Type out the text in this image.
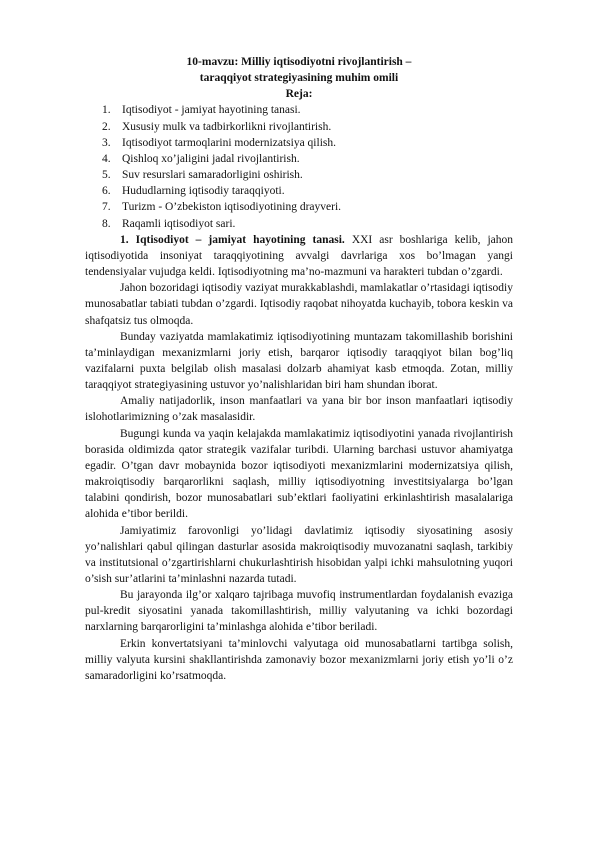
10-mavzu: Milliy iqtisodiyotni rivojlantirish –
taraqqiyot strategiyasining muhim omili
Reja:
1. Iqtisodiyot - jamiyat hayotining tanasi.
2. Xususiy mulk va tadbirkorlikni rivojlantirish.
3. Iqtisodiyot tarmoqlarini modernizatsiya qilish.
4. Qishloq xo’jaligini jadal rivojlantirish.
5. Suv resurslari samaradorligini oshirish.
6. Hududlarning iqtisodiy taraqqiyoti.
7. Turizm - O’zbekiston iqtisodiyotining drayveri.
8. Raqamli iqtisodiyot sari.

1. Iqtisodiyot – jamiyat hayotining tanasi. XXI asr boshlariga kelib, jahon iqtisodiyotida insoniyat taraqqiyotining avvalgi davrlariga xos bo’lmagan yangi tendensiyalar vujudga keldi. Iqtisodiyotning ma’no-mazmuni va harakteri tubdan o’zgardi.

Jahon bozoridagi iqtisodiy vaziyat murakkablashdi, mamlakatlar o’rtasidagi iqtisodiy munosabatlar tabiati tubdan o’zgardi. Iqtisodiy raqobat nihoyatda kuchayib, tobora keskin va shafqatsiz tus olmoqda.

Bunday vaziyatda mamlakatimiz iqtisodiyotining muntazam takomillashib borishini ta’minlaydigan mexanizmlarni joriy etish, barqaror iqtisodiy taraqqiyot bilan bog’liq vazifalarni puxta belgilab olish masalasi dolzarb ahamiyat kasb etmoqda. Zotan, milliy taraqqiyot strategiyasining ustuvor yo’nalishlaridan biri ham shundan iborat.

Amaliy natijadorlik, inson manfaatlari va yana bir bor inson manfaatlari iqtisodiy islohotlarimizning o’zak masalasidir.

Bugungi kunda va yaqin kelajakda mamlakatimiz iqtisodiyotini yanada rivojlantirish borasida oldimizda qator strategik vazifalar turibdi. Ularning barchasi ustuvor ahamiyatga egadir. O’tgan davr mobaynida bozor iqtisodiyoti mexanizmlarini modernizatsiya qilish, makroiqtisodiy barqarorlikni saqlash, milliy iqtisodiyotning investitsiyalarga bo’lgan talabini qondirish, bozor munosabatlari sub’ektlari faoliyatini erkinlashtirish masalalariga alohida e’tibor berildi.

Jamiyatimiz farovonligi yo’lidagi davlatimiz iqtisodiy siyosatining asosiy yo’nalishlari qabul qilingan dasturlar asosida makroiqtisodiy muvozanatni saqlash, tarkibiy va institutsional o’zgartirishlarni chukurlashtirish hisobidan yalpi ichki mahsulotning yuqori o’sish sur’atlarini ta’minlashni nazarda tutadi.

Bu jarayonda ilg’or xalqaro tajribaga muvofiq instrumentlardan foydalanish evaziga pul-kredit siyosatini yanada takomillashtirish, milliy valyutaning va ichki bozordagi narxlarning barqarorligini ta’minlashga alohida e’tibor beriladi.

Erkin konvertatsiyani ta’minlovchi valyutaga oid munosabatlarni tartibga solish, milliy valyuta kursini shakllantirishda zamonaviy bozor mexanizmlarni joriy etish yo’li o’z samaradorligini ko’rsatmoqda.
